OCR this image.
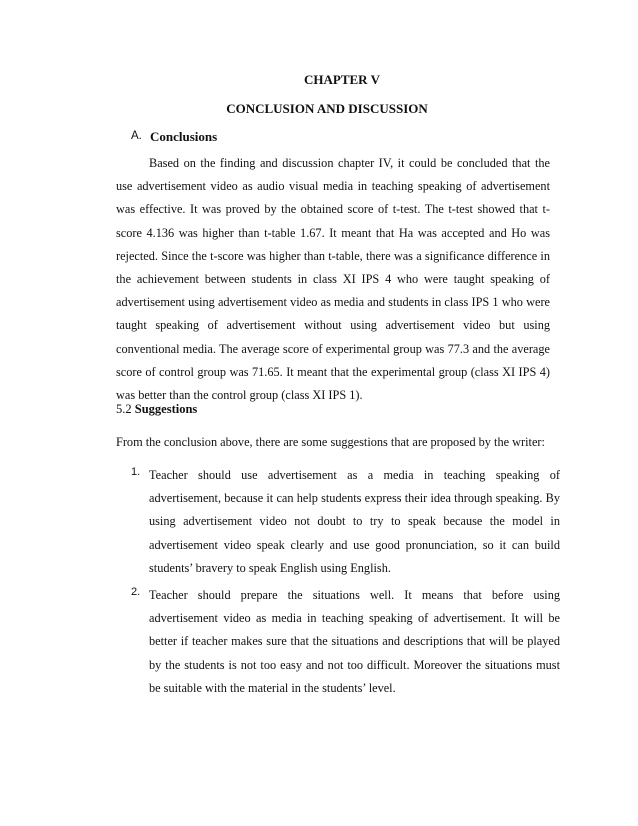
CHAPTER V
CONCLUSION AND DISCUSSION
A. Conclusions
Based on the finding and discussion chapter IV, it could be concluded that the use advertisement video as audio visual media in teaching speaking of advertisement was effective. It was proved by the obtained score of t-test. The t-test showed that t-score 4.136 was higher than t-table 1.67. It meant that Ha was accepted and Ho was rejected. Since the t-score was higher than t-table, there was a significance difference in the achievement between students in class XI IPS 4 who were taught speaking of advertisement using advertisement video as media and students in class IPS 1 who were taught speaking of advertisement without using advertisement video but using conventional media. The average score of experimental group was 77.3 and the average score of control group was 71.65. It meant that the experimental group (class XI IPS 4) was better than the control group (class XI IPS 1).
5.2 Suggestions
From the conclusion above, there are some suggestions that are proposed by the writer:
1. Teacher should use advertisement as a media in teaching speaking of advertisement, because it can help students express their idea through speaking. By using advertisement video not doubt to try to speak because the model in advertisement video speak clearly and use good pronunciation, so it can build students’ bravery to speak English using English.
2. Teacher should prepare the situations well. It means that before using advertisement video as media in teaching speaking of advertisement. It will be better if teacher makes sure that the situations and descriptions that will be played by the students is not too easy and not too difficult. Moreover the situations must be suitable with the material in the students’ level.
